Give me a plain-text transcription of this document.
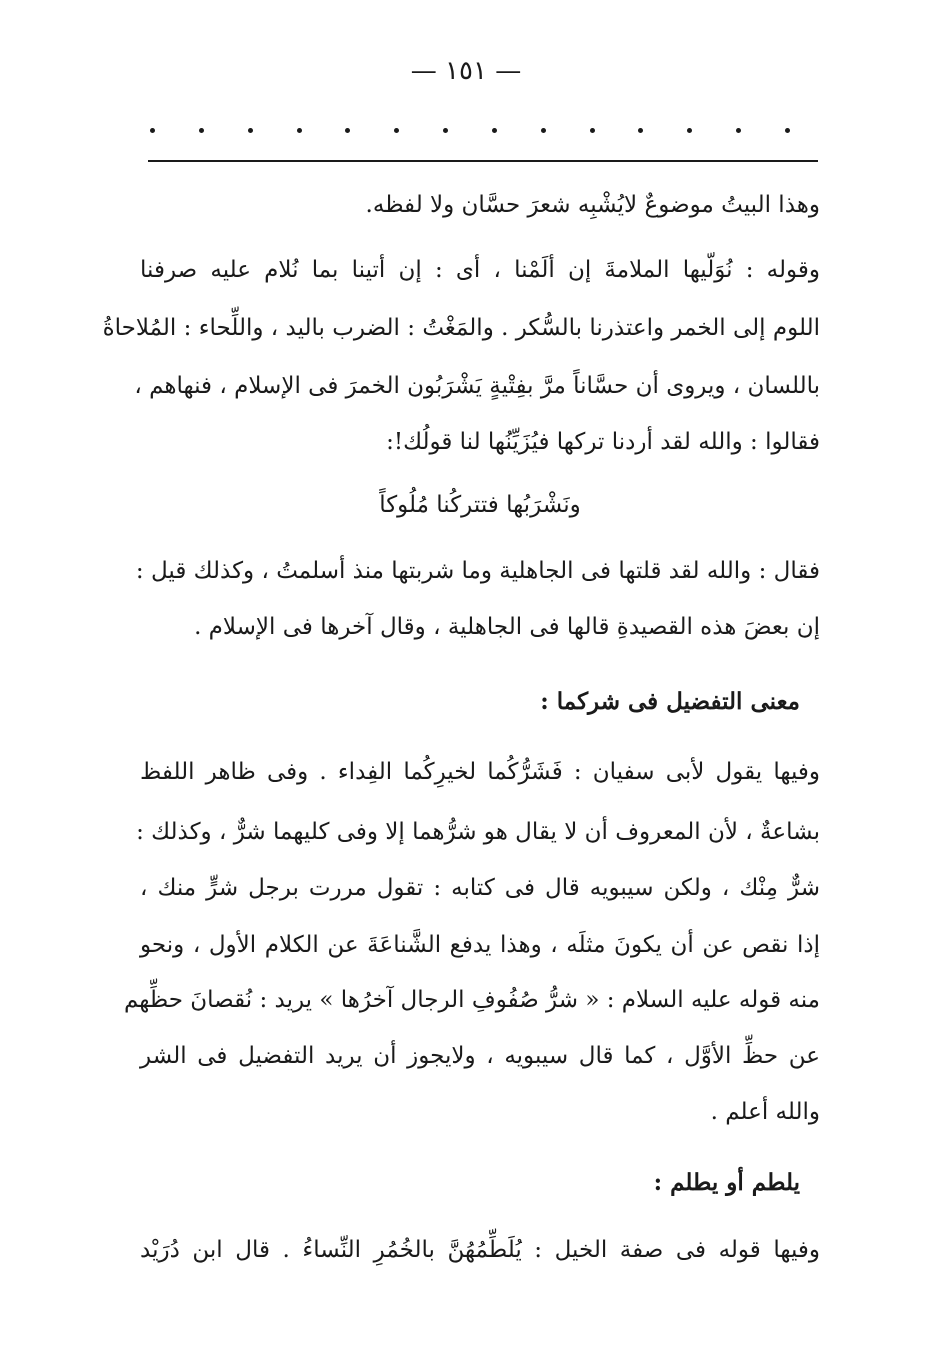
— ١٥١ —
وهذا البيتُ موضوعٌ لايُشْبِه شعرَ حسَّان ولا لفظه.
وقوله : نُوَلّيها الملامةَ إن ألَمْنا ، أى : إن أتينا بما نُلام عليه صرفنا
اللوم إلى الخمر واعتذرنا بالسُّكر . والمَغْتُ : الضرب باليد ، واللِّحاء : المُلاحاةُ
باللسان ، ويروى أن حسَّاناً مرَّ بفِتْيةٍ يَشْرَبُون الخمرَ فى الإسلام ، فنهاهم ،
فقالوا : والله لقد أردنا تركها فيُزَيِّنُها لنا قولُك!:
ونَشْرَبُها فتتركُنا مُلُوكاً
فقال : والله لقد قلتها فى الجاهلية وما شربتها منذ أسلمتُ ، وكذلك قيل :
إن بعضَ هذه القصيدةِ قالها فى الجاهلية ، وقال آخرها فى الإسلام .
معنى التفضيل فى شركما :
وفيها يقول لأبى سفيان : فَشَرُّكُما لخيرِكُما الفِداء . وفى ظاهر اللفظ
بشاعةٌ ، لأن المعروف أن لا يقال هو شرُّهما إلا وفى كليهما شرٌّ ، وكذلك :
شرٌّ مِنْك ، ولكن سيبويه قال فى كتابه : تقول مررت برجل شرٍّ منك ،
إذا نقص عن أن يكونَ مثلَه ، وهذا يدفع الشَّناعَةَ عن الكلام الأول ، ونحو
منه قوله عليه السلام : « شرُّ صُفُوفِ الرجال آخرُها » يريد : نُقصانَ حظِّهم
عن حظِّ الأوَّل ، كما قال سيبويه ، ولايجوز أن يريد التفضيل فى الشر
والله أعلم .
يلطم أو يطلم :
وفيها قوله فى صفة الخيل : يُلَطِّمُهُنَّ بالخُمُرِ النِّساءُ . قال ابن دُرَيْد
